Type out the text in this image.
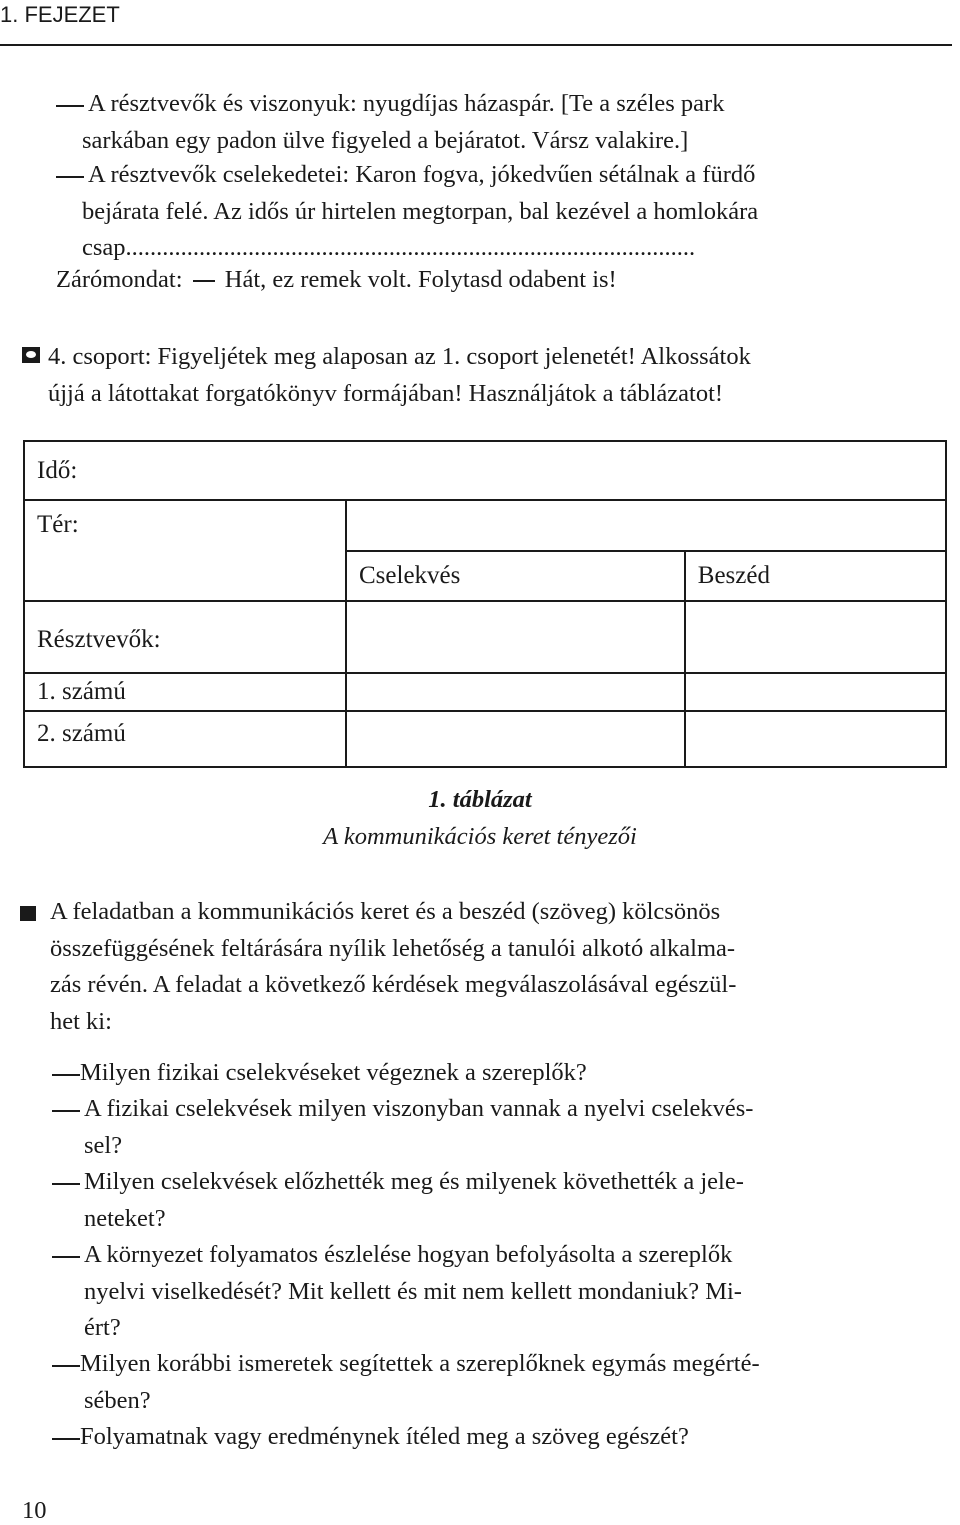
1. FEJEZET
A résztvevők és viszonyuk: nyugdíjas házaspár. [Te a széles park
sarkában egy padon ülve figyeled a bejáratot. Vársz valakire.]
A résztvevők cselekedetei: Karon fogva, jókedvűen sétálnak a fürdő
bejárata felé. Az idős úr hirtelen megtorpan, bal kezével a homlokára
csap.............................................................................................
Zárómondat: Hát, ez remek volt. Folytasd odabent is!
4. csoport: Figyeljétek meg alaposan az 1. csoport jelenetét! Alkossátok
újjá a látottakat forgatókönyv formájában! Használjátok a táblázatot!
Idő:		

Tér:		

	Cselekvés	Beszéd

Résztvevők:		

1. számú		

2. számú		

1. táblázat
A kommunikációs keret tényezői
A feladatban a kommunikációs keret és a beszéd (szöveg) kölcsönös
összefüggésének feltárására nyílik lehetőség a tanulói alkotó alkalma-
zás révén. A feladat a következő kérdések megválaszolásával egészül-
het ki:
Milyen fizikai cselekvéseket végeznek a szereplők?
A fizikai cselekvések milyen viszonyban vannak a nyelvi cselekvés-
sel?
Milyen cselekvések előzhették meg és milyenek követhették a jele-
neteket?
A környezet folyamatos észlelése hogyan befolyásolta a szereplők
nyelvi viselkedését? Mit kellett és mit nem kellett mondaniuk? Mi-
ért?
Milyen korábbi ismeretek segítettek a szereplőknek egymás megérté-
sében?
Folyamatnak vagy eredménynek ítéled meg a szöveg egészét?
10
